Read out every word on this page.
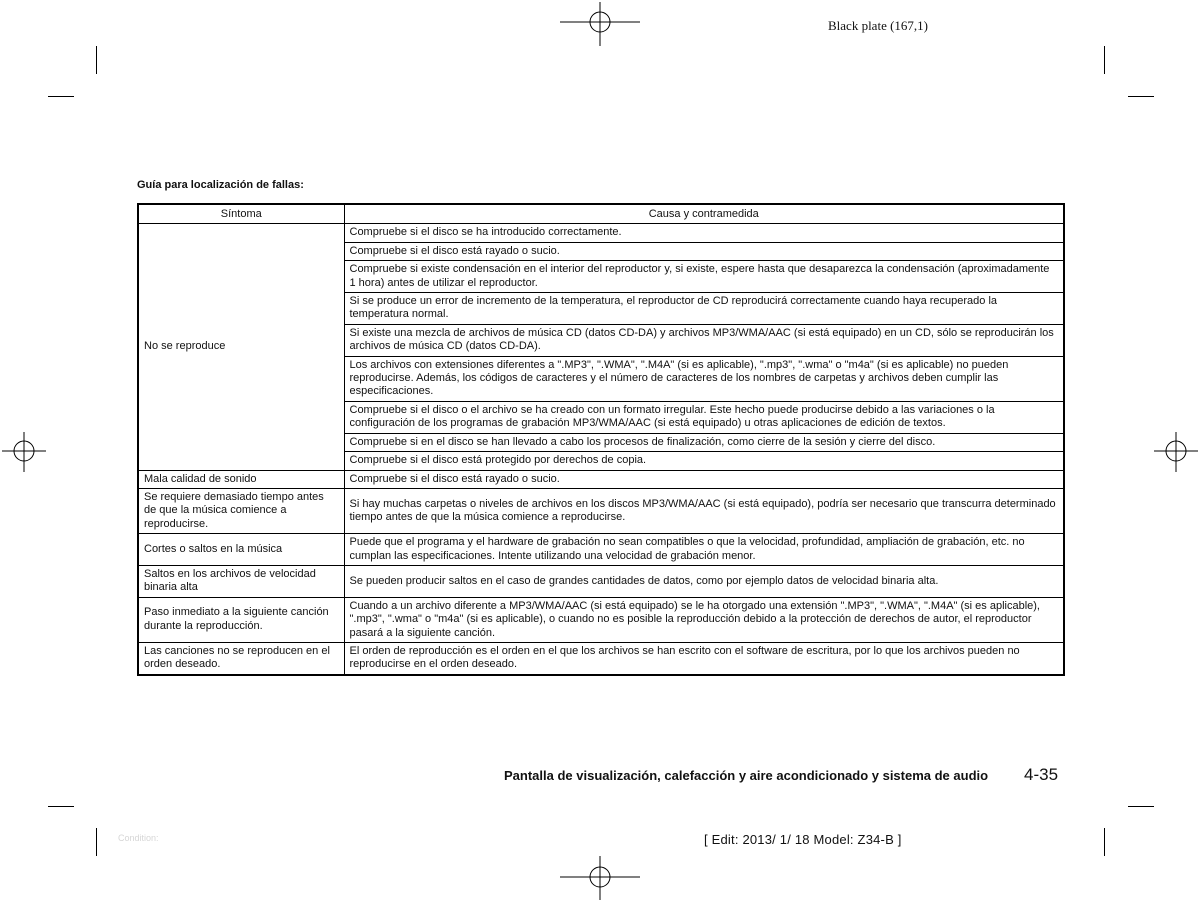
Black plate (167,1)
Guía para localización de fallas:
Síntoma	Causa y contramedida
No se reproduce	Compruebe si el disco se ha introducido correctamente.
	Compruebe si el disco está rayado o sucio.
	Compruebe si existe condensación en el interior del reproductor y, si existe, espere hasta que desaparezca la condensación (aproximadamente 1 hora) antes de utilizar el reproductor.
	Si se produce un error de incremento de la temperatura, el reproductor de CD reproducirá correctamente cuando haya recuperado la temperatura normal.
	Si existe una mezcla de archivos de música CD (datos CD-DA) y archivos MP3/WMA/AAC (si está equipado) en un CD, sólo se reproducirán los archivos de música CD (datos CD-DA).
	Los archivos con extensiones diferentes a ".MP3", ".WMA", ".M4A" (si es aplicable), ".mp3", ".wma" o "m4a" (si es aplicable) no pueden reproducirse. Además, los códigos de caracteres y el número de caracteres de los nombres de carpetas y archivos deben cumplir las especificaciones.
	Compruebe si el disco o el archivo se ha creado con un formato irregular. Este hecho puede producirse debido a las variaciones o la configuración de los programas de grabación MP3/WMA/AAC (si está equipado) u otras aplicaciones de edición de textos.
	Compruebe si en el disco se han llevado a cabo los procesos de finalización, como cierre de la sesión y cierre del disco.
	Compruebe si el disco está protegido por derechos de copia.
Mala calidad de sonido	Compruebe si el disco está rayado o sucio.
Se requiere demasiado tiempo antes de que la música comience a reproducirse.	Si hay muchas carpetas o niveles de archivos en los discos MP3/WMA/AAC (si está equipado), podría ser necesario que transcurra determinado tiempo antes de que la música comience a reproducirse.
Cortes o saltos en la música	Puede que el programa y el hardware de grabación no sean compatibles o que la velocidad, profundidad, ampliación de grabación, etc. no cumplan las especificaciones. Intente utilizando una velocidad de grabación menor.
Saltos en los archivos de velocidad binaria alta	Se pueden producir saltos en el caso de grandes cantidades de datos, como por ejemplo datos de velocidad binaria alta.
Paso inmediato a la siguiente canción durante la reproducción.	Cuando a un archivo diferente a MP3/WMA/AAC (si está equipado) se le ha otorgado una extensión ".MP3", ".WMA", ".M4A" (si es aplicable), ".mp3", ".wma" o "m4a" (si es aplicable), o cuando no es posible la reproducción debido a la protección de derechos de autor, el reproductor pasará a la siguiente canción.
Las canciones no se reproducen en el orden deseado.	El orden de reproducción es el orden en el que los archivos se han escrito con el software de escritura, por lo que los archivos pueden no reproducirse en el orden deseado.
Pantalla de visualización, calefacción y aire acondicionado y sistema de audio 4-35
Condition:	[ Edit: 2013/ 1/ 18 Model: Z34-B ]
